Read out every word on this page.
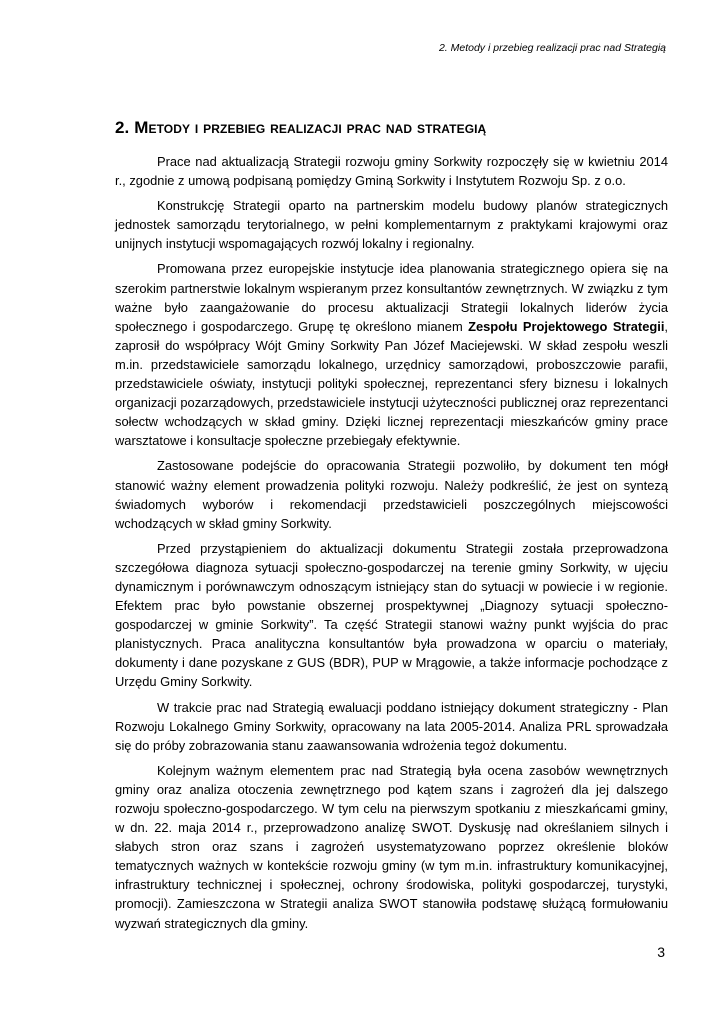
2. Metody i przebieg realizacji prac nad Strategią
2. Metody i przebieg realizacji prac nad strategią

Prace nad aktualizacją Strategii rozwoju gminy Sorkwity rozpoczęły się w kwietniu 2014 r., zgodnie z umową podpisaną pomiędzy Gminą Sorkwity i Instytutem Rozwoju Sp. z o.o.

Konstrukcję Strategii oparto na partnerskim modelu budowy planów strategicznych jednostek samorządu terytorialnego, w pełni komplementarnym z praktykami krajowymi oraz unijnych instytucji wspomagających rozwój lokalny i regionalny.

Promowana przez europejskie instytucje idea planowania strategicznego opiera się na szerokim partnerstwie lokalnym wspieranym przez konsultantów zewnętrznych. W związku z tym ważne było zaangażowanie do procesu aktualizacji Strategii lokalnych liderów życia społecznego i gospodarczego. Grupę tę określono mianem Zespołu Projektowego Strategii, zaprosił do współpracy Wójt Gminy Sorkwity Pan Józef Maciejewski. W skład zespołu weszli m.in. przedstawiciele samorządu lokalnego, urzędnicy samorządowi, proboszczowie parafii, przedstawiciele oświaty, instytucji polityki społecznej, reprezentanci sfery biznesu i lokalnych organizacji pozarządowych, przedstawiciele instytucji użyteczności publicznej oraz reprezentanci sołectw wchodzących w skład gminy. Dzięki licznej reprezentacji mieszkańców gminy prace warsztatowe i konsultacje społeczne przebiegały efektywnie.

Zastosowane podejście do opracowania Strategii pozwoliło, by dokument ten mógł stanowić ważny element prowadzenia polityki rozwoju. Należy podkreślić, że jest on syntezą świadomych wyborów i rekomendacji przedstawicieli poszczególnych miejscowości wchodzących w skład gminy Sorkwity.

Przed przystąpieniem do aktualizacji dokumentu Strategii została przeprowadzona szczegółowa diagnoza sytuacji społeczno-gospodarczej na terenie gminy Sorkwity, w ujęciu dynamicznym i porównawczym odnoszącym istniejący stan do sytuacji w powiecie i w regionie. Efektem prac było powstanie obszernej prospektywnej „Diagnozy sytuacji społeczno-gospodarczej w gminie Sorkwity”. Ta część Strategii stanowi ważny punkt wyjścia do prac planistycznych. Praca analityczna konsultantów była prowadzona w oparciu o materiały, dokumenty i dane pozyskane z GUS (BDR), PUP w Mrągowie, a także informacje pochodzące z Urzędu Gminy Sorkwity.

W trakcie prac nad Strategią ewaluacji poddano istniejący dokument strategiczny - Plan Rozwoju Lokalnego Gminy Sorkwity, opracowany na lata 2005-2014. Analiza PRL sprowadzała się do próby zobrazowania stanu zaawansowania wdrożenia tegoż dokumentu.

Kolejnym ważnym elementem prac nad Strategią była ocena zasobów wewnętrznych gminy oraz analiza otoczenia zewnętrznego pod kątem szans i zagrożeń dla jej dalszego rozwoju społeczno-gospodarczego. W tym celu na pierwszym spotkaniu z mieszkańcami gminy, w dn. 22. maja 2014 r., przeprowadzono analizę SWOT. Dyskusję nad określaniem silnych i słabych stron oraz szans i zagrożeń usystematyzowano poprzez określenie bloków tematycznych ważnych w kontekście rozwoju gminy (w tym m.in. infrastruktury komunikacyjnej, infrastruktury technicznej i społecznej, ochrony środowiska, polityki gospodarczej, turystyki, promocji). Zamieszczona w Strategii analiza SWOT stanowiła podstawę służącą formułowaniu wyzwań strategicznych dla gminy.

3
